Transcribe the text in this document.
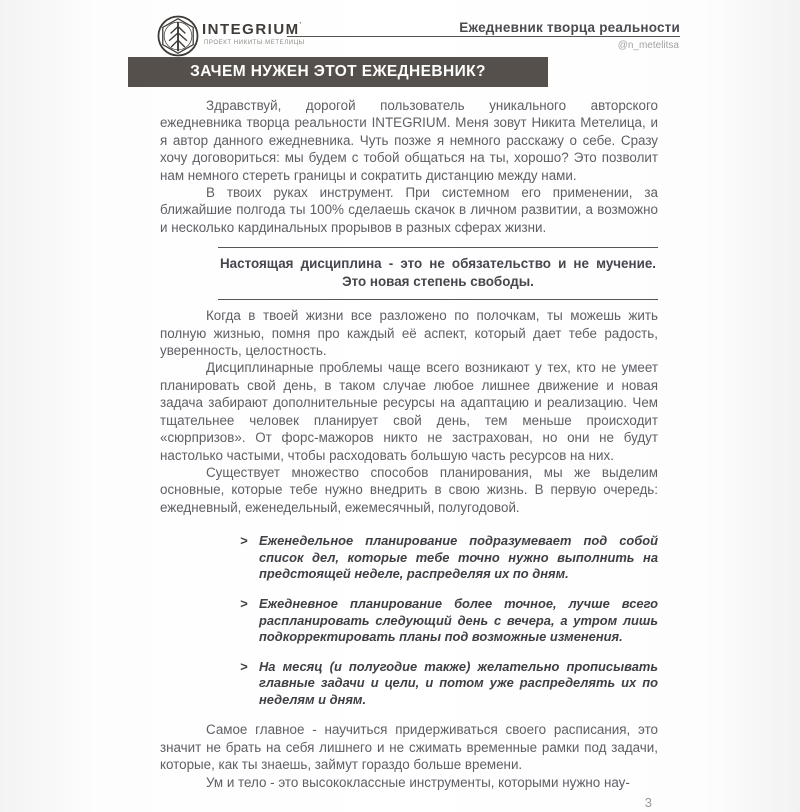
INTEGRIUM’
ПРОЕКТ НИКИТЫ МЕТЕЛИЦЫ
Ежедневник творца реальности
@n_metelitsa
ЗАЧЕМ НУЖЕН ЭТОТ ЕЖЕДНЕВНИК?

Здравствуй, дорогой пользователь уникального авторского ежедневника творца реальности INTEGRIUM. Меня зовут Никита Метелица, и я автор данного ежедневника. Чуть позже я немного расскажу о себе. Сразу хочу договориться: мы будем с тобой общаться на ты, хорошо? Это позволит нам немного стереть границы и сократить дистанцию между нами.

В твоих руках инструмент. При системном его применении, за ближайшие полгода ты 100% сделаешь скачок в личном развитии, а возможно и несколько кардинальных прорывов в разных сферах жизни.

Настоящая дисциплина - это не обязательство и не мучение. Это новая степень свободы.

Когда в твоей жизни все разложено по полочкам, ты можешь жить полную жизнью, помня про каждый её аспект, который дает тебе радость, уверенность, целостность.

Дисциплинарные проблемы чаще всего возникают у тех, кто не умеет планировать свой день, в таком случае любое лишнее движение и новая задача забирают дополнительные ресурсы на адаптацию и реализацию. Чем тщательнее человек планирует свой день, тем меньше происходит «сюрпризов». От форс-мажоров никто не застрахован, но они не будут настолько частыми, чтобы расходовать большую часть ресурсов на них.

Существует множество способов планирования, мы же выделим основные, которые тебе нужно внедрить в свою жизнь. В первую очередь: ежедневный, еженедельный, ежемесячный, полугодовой.

> Еженедельное планирование подразумевает под собой список дел, которые тебе точно нужно выполнить на предстоящей неделе, распределяя их по дням.
> Ежедневное планирование более точное, лучше всего распланировать следующий день с вечера, а утром лишь подкорректировать планы под возможные изменения.
> На месяц (и полугодие также) желательно прописывать главные задачи и цели, и потом уже распределять их по неделям и дням.

Самое главное - научиться придерживаться своего расписания, это значит не брать на себя лишнего и не сжимать временные рамки под задачи, которые, как ты знаешь, займут гораздо больше времени.

Ум и тело - это высококлассные инструменты, которыми нужно нау-

3
